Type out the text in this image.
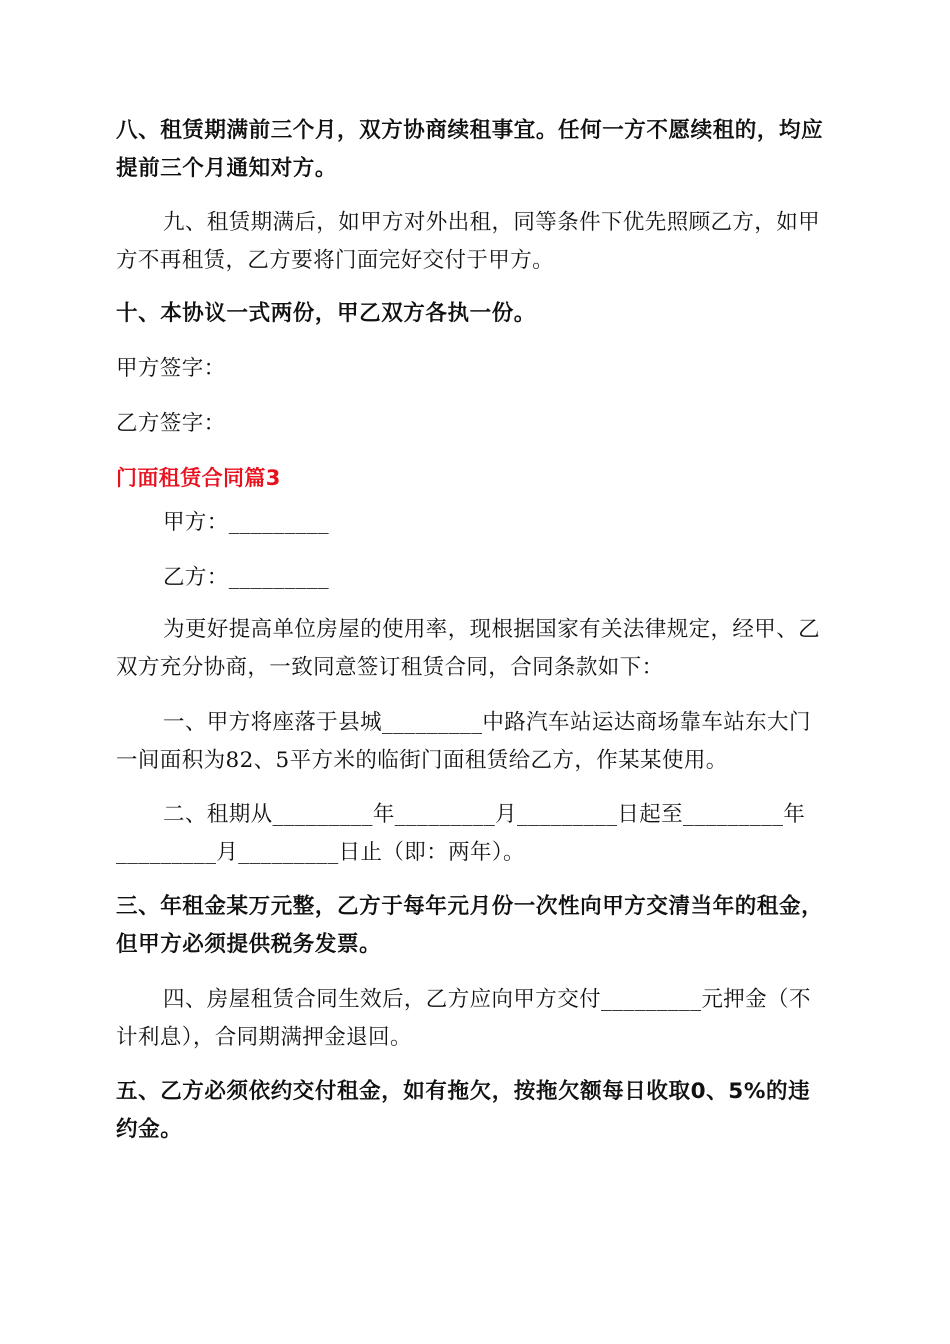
八、租赁期满前三个月，双方协商续租事宜。任何一方不愿续租的，均应
提前三个月通知对方。
九、租赁期满后，如甲方对外出租，同等条件下优先照顾乙方，如甲
方不再租赁，乙方要将门面完好交付于甲方。
十、本协议一式两份，甲乙双方各执一份。
甲方签字：
乙方签字：
门面租赁合同篇3
甲方：_________
乙方：_________
为更好提高单位房屋的使用率，现根据国家有关法律规定，经甲、乙
双方充分协商，一致同意签订租赁合同，合同条款如下：
一、甲方将座落于县城_________中路汽车站运达商场靠车站东大门
一间面积为82、5平方米的临街门面租赁给乙方，作某某使用。
二、租期从_________年_________月_________日起至_________年
_________月_________日止（即：两年）。
三、年租金某万元整，乙方于每年元月份一次性向甲方交清当年的租金，
但甲方必须提供税务发票。
四、房屋租赁合同生效后，乙方应向甲方交付_________元押金（不
计利息），合同期满押金退回。
五、乙方必须依约交付租金，如有拖欠，按拖欠额每日收取0、5%的违
约金。
